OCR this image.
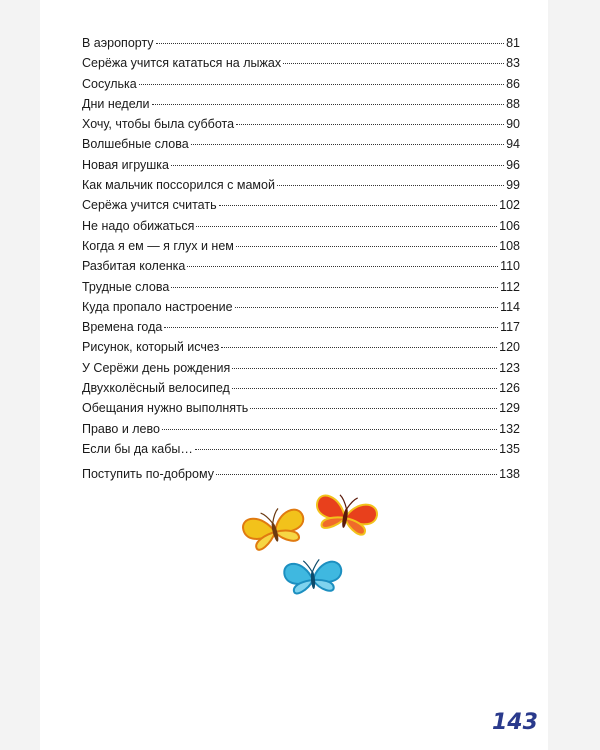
В аэропорту	81
Серёжа учится кататься на лыжах	83
Сосулька	86
Дни недели	88
Хочу, чтобы была суббота	90
Волшебные слова	94
Новая игрушка	96
Как мальчик поссорился с мамой	99
Серёжа учится считать	102
Не надо обижаться	106
Когда я ем — я глух и нем	108
Разбитая коленка	110
Трудные слова	112
Куда пропало настроение	114
Времена года	117
Рисунок, который исчез	120
У Серёжи день рождения	123
Двухколёсный велосипед	126
Обещания нужно выполнять	129
Право и лево	132
Если бы да кабы…	135
Поступить по-доброму	138
143
